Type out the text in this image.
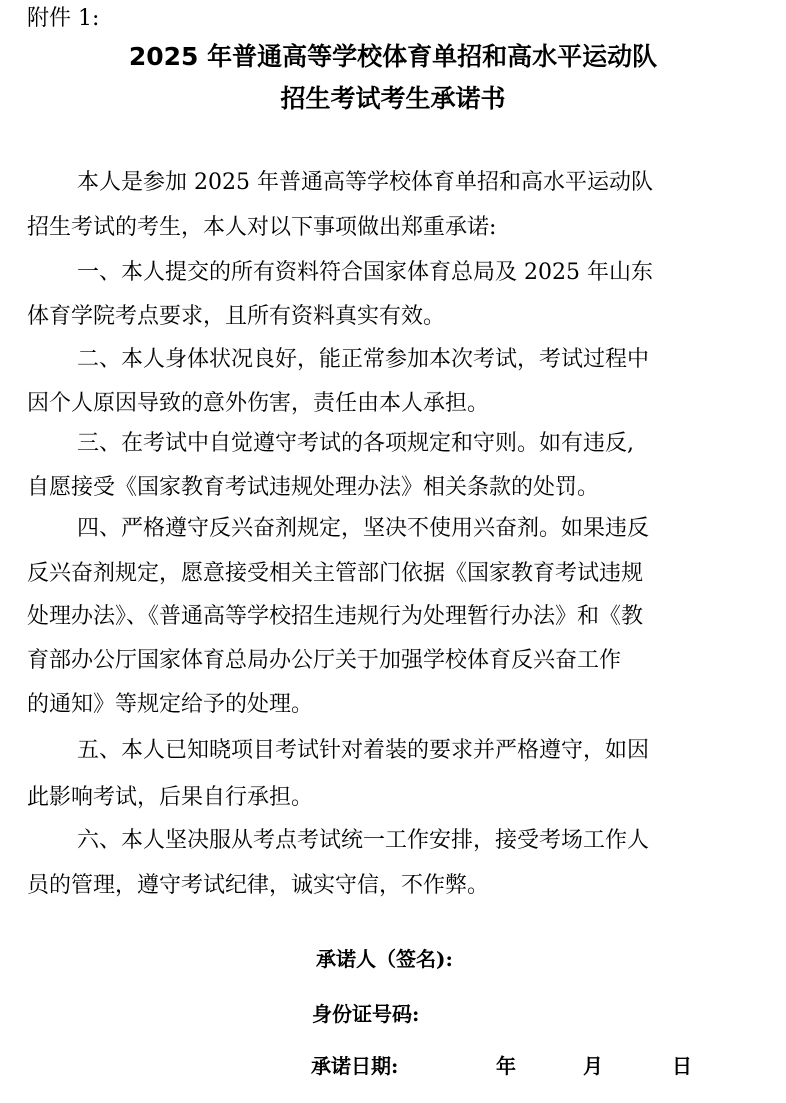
附件 1:
2025 年普通高等学校体育单招和高水平运动队
招生考试考生承诺书
本人是参加 2025 年普通高等学校体育单招和高水平运动队
招生考试的考生，本人对以下事项做出郑重承诺:
一、本人提交的所有资料符合国家体育总局及 2025 年山东
体育学院考点要求，且所有资料真实有效。
二、本人身体状况良好，能正常参加本次考试，考试过程中
因个人原因导致的意外伤害，责任由本人承担。
三、在考试中自觉遵守考试的各项规定和守则。如有违反,
自愿接受《国家教育考试违规处理办法》相关条款的处罚。
四、严格遵守反兴奋剂规定，坚决不使用兴奋剂。如果违反
反兴奋剂规定，愿意接受相关主管部门依据《国家教育考试违规
处理办法》、《普通高等学校招生违规行为处理暂行办法》和《教
育部办公厅国家体育总局办公厅关于加强学校体育反兴奋工作
的通知》等规定给予的处理。
五、本人已知晓项目考试针对着装的要求并严格遵守，如因
此影响考试，后果自行承担。
六、本人坚决服从考点考试统一工作安排，接受考场工作人
员的管理，遵守考试纪律，诚实守信，不作弊。
承诺人（签名):
身份证号码:
承诺日期:	年	月	日
